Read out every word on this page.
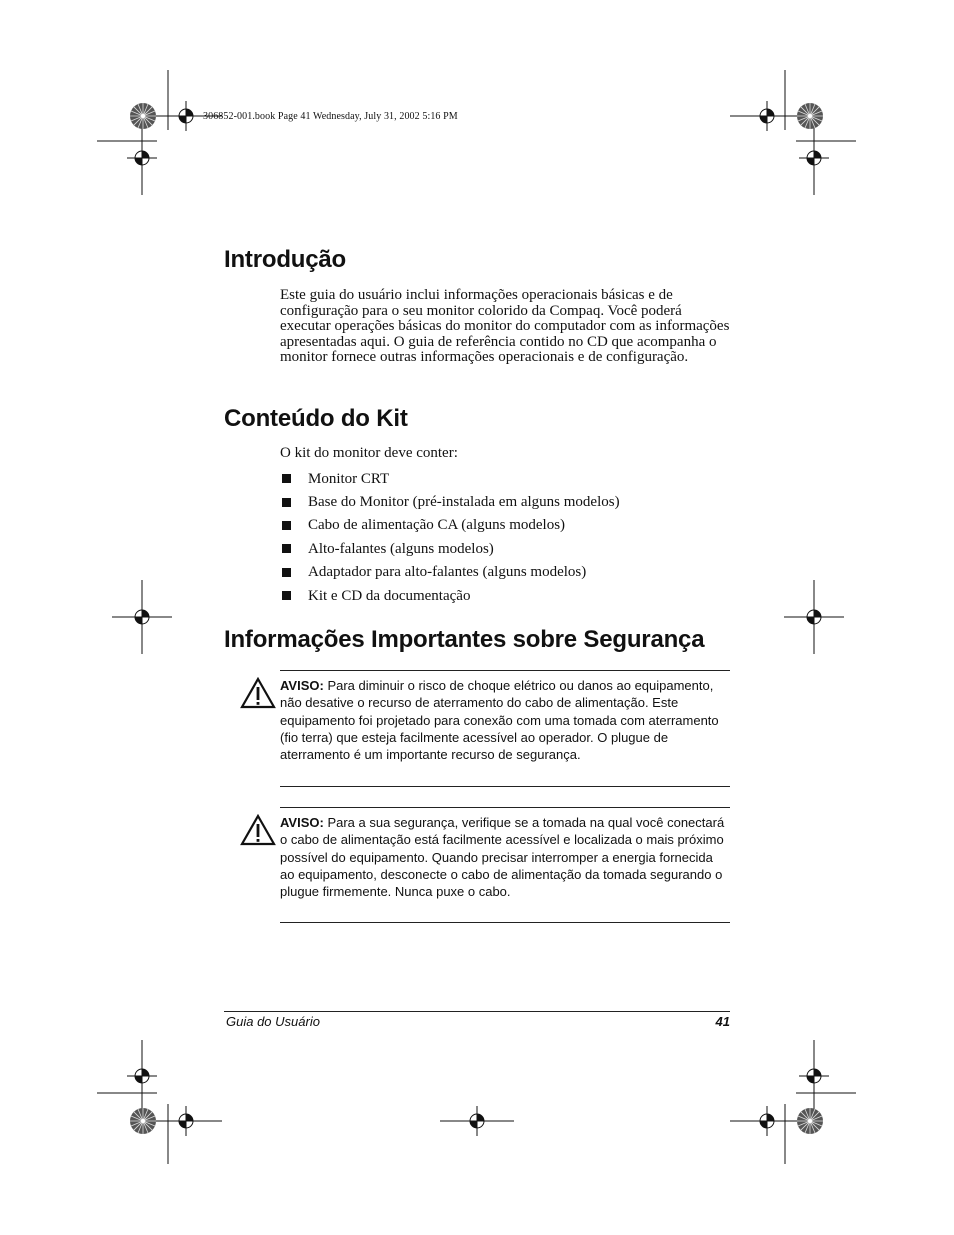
306852-001.book Page 41 Wednesday, July 31, 2002 5:16 PM
Introdução

Este guia do usuário inclui informações operacionais básicas e de configuração para o seu monitor colorido da Compaq. Você poderá executar operações básicas do monitor do computador com as informações apresentadas aqui. O guia de referência contido no CD que acompanha o monitor fornece outras informações operacionais e de configuração.

Conteúdo do Kit

O kit do monitor deve conter:

Monitor CRT
Base do Monitor (pré-instalada em alguns modelos)
Cabo de alimentação CA (alguns modelos)
Alto-falantes (alguns modelos)
Adaptador para alto-falantes (alguns modelos)
Kit e CD da documentação
Informações Importantes sobre Segurança
AVISO: Para diminuir o risco de choque elétrico ou danos ao equipamento, não desative o recurso de aterramento do cabo de alimentação. Este equipamento foi projetado para conexão com uma tomada com aterramento (fio terra) que esteja facilmente acessível ao operador. O plugue de aterramento é um importante recurso de segurança.
AVISO: Para a sua segurança, verifique se a tomada na qual você conectará o cabo de alimentação está facilmente acessível e localizada o mais próximo possível do equipamento. Quando precisar interromper a energia fornecida ao equipamento, desconecte o cabo de alimentação da tomada segurando o plugue firmemente. Nunca puxe o cabo.
Guia do Usuário	41
